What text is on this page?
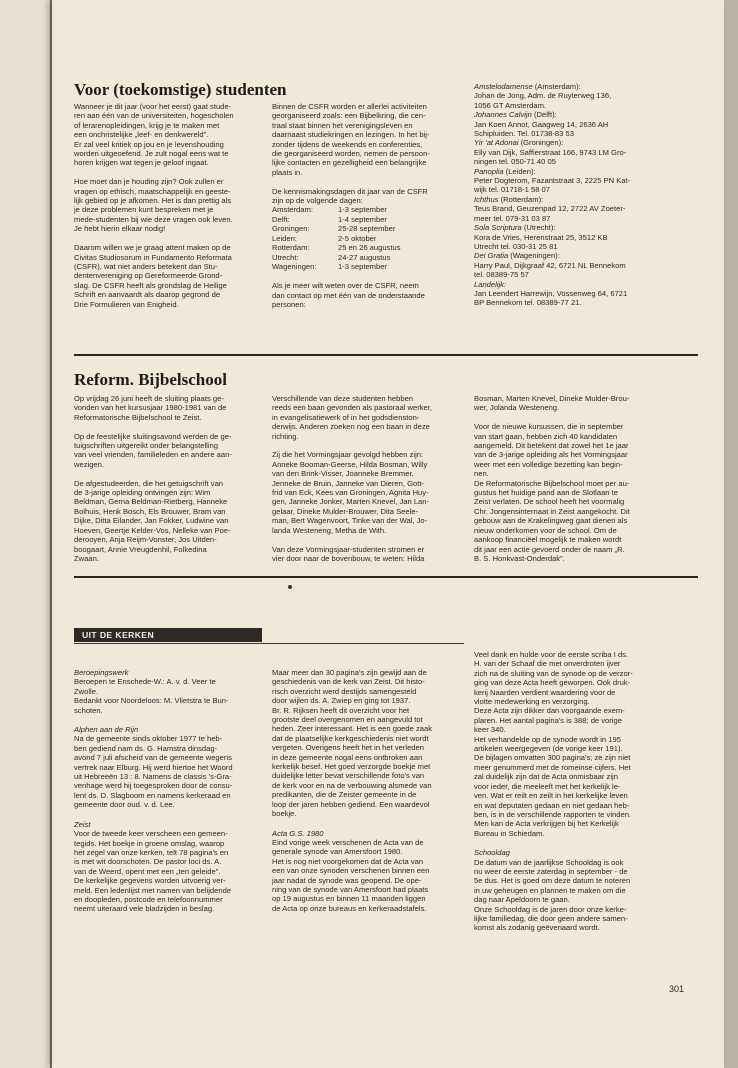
Voor (toekomstige) studenten

Wanneer je dit jaar (voor het eerst) gaat stude-
ren aan één van de universiteiten, hogescholen
of lerarenopleidingen, krijg je te maken met
een onchristelijke „leef- en denkwereld”.
Er zal veel kritiek op jou en je levenshouding
worden uitgeoefend. Je zult nogal eens wat te
horen krijgen wat tegen je geloof ingaat.

Hoe moet dan je houding zijn? Ook zullen er
vragen op ethisch, maatschappelijk en geeste-
lijk gebied op je afkomen. Het is dan prettig als
je deze problemen kunt bespreken met je
mede-studenten bij wie deze vragen ook leven.
Je hebt hierin elkaar nodig!

Daarom willen we je graag attent maken op de
Civitas Studiosorum in Fundamento Reformata
(CSFR), wat niet anders betekent dan Stu-
dentenvereniging op Gereformeerde Grond-
slag. De CSFR heeft als grondslag de Heilige
Schrift en aanvaardt als daarop gegrond de
Drie Formulieren van Enigheid.

Binnen de CSFR worden er allerlei activiteiten
georganiseerd zoals: een Bijbelkring, die cen-
traal staat binnen het verenigingsleven en
daarnaast studiekringen en lezingen. In het bij-
zonder tijdens de weekends en conferenties,
die georganiseerd worden, nemen de persoon-
lijke contacten en gezelligheid een belangrijke
plaats in.

De kennismakingsdagen dit jaar van de CSFR
zijn op de volgende dagen:

Amsterdam:	1-3 september
Delft:	1-4 september
Groningen:	25-28 september
Leiden:	2-5 oktober
Rotterdam:	25 en 26 augustus
Utrecht:	24-27 augustus
Wageningen:	1-3 september

Als je meer wilt weten over de CSFR, neem
dan contact op met één van de onderstaande
personen:

Amstelodamense (Amsterdam):

Johan de Jong, Adm. de Ruyterweg 136,
1056 GT Amsterdam.

Johannes Calvijn (Delft):

Jan Koen Annot, Gaagweg 14, 2636 AH
Schipluiden. Tel. 01738-83 53

Yir 'at Adonai (Groningen):

Elly van Dijk, Saffierstraat 166, 9743 LM Gro-
ningen tel. 050-71 40 05

Panoplia (Leiden):

Peter Dogterom, Fazantstraat 3, 2225 PN Kat-
wijk tel. 01718-1 58 07

Ichthus (Rotterdam):

Teus Brand, Geuzenpad 12, 2722 AV Zoeter-
meer tel. 079-31 03 87

Sola Scriptura (Utrecht):

Kora de Vries, Herenstraat 25, 3512 KB
Utrecht tel. 030-31 25 81

Dei Gratia (Wageningen):

Harry Paul, Dijkgraaf 42, 6721 NL Bennekom
tel. 08389-75 57

Landelijk:

Jan Leendert Harrewijn, Vossenweg 64, 6721
BP Bennekom tel. 08389-77 21.

Reform. Bijbelschool

Op vrijdag 26 juni heeft de sluiting plaats ge-
vonden van het kursusjaar 1980-1981 van de
Reformatorische Bijbelschool te Zeist.

Op de feestelijke sluitingsavond werden de ge-
tuigschriften uitgereikt onder belangstelling
van veel vrienden, familieleden en andere aan-
wezigen.

De afgestudeerden, die het getuigschrift van
de 3-jarige opleiding ontvingen zijn: Wim
Beldman, Gerna Beldman-Rietberg, Hanneke
Bolhuis, Henk Bosch, Els Brouwer, Bram van
Dijke, Ditta Eilander, Jan Fokker, Ludwine van
Hoeven, Geertje Kelder-Vos, Nelleke van Poe-
derooyen, Anja Reijm-Vonster, Jos Uitden-
boogaart, Annie Vreugdenhil, Folkedina
Zwaan.

Verschillende van deze studenten hebben
reeds een baan gevonden als pastoraal werker,
in evangelisatiewerk of in het godsdienston-
derwijs. Anderen zoeken nog een baan in deze
richting.

Zij die het Vormingsjaar gevolgd hebben zijn:
Anneke Booman-Geerse, Hilda Bosman, Willy
van den Brink-Visser, Joanneke Bremmer,
Jenneke de Bruin, Janneke van Dieren, Gott-
frid van Eck, Kees van Groningen, Agnita Huy-
gen, Janneke Jonker, Marten Knevel, Jan Lan-
gelaar, Dineke Mulder-Brouwer, Dita Seele-
man, Bert Wagenvoort, Tinke van der Wal, Jo-
landa Westeneng, Metha de With.

Van deze Vormingsjaar-studenten stromen er
vier door naar de bovenbouw, te weten: Hilda

Bosman, Marten Knevel, Dineke Mulder-Brou-
wer, Jolanda Westeneng.

Voor de nieuwe kursussen, die in september
van start gaan, hebben zich 40 kandidaten
aangemeld. Dit betekent dat zowel het 1e jaar
van de 3-jarige opleiding als het Vormingsjaar
weer met een volledige bezetting kan begin-
nen.
De Reformatorische Bijbelschool moet per au-
gustus het huidige pand aan de Slotlaan te
Zeist verlaten. De school heeft het voormalig
Chr. Jongensinternaat in Zeist aangekocht. Dit
gebouw aan de Krakelingweg gaat dienen als
nieuw onderkomen voor de school. Om de
aankoop financiëel mogelijk te maken wordt
dit jaar een actie gevoerd onder de naam „R.
B. S. Honkvast-Onderdak”.

UIT DE KERKEN

Beroepingswerk

Beroepen te Enschede-W.: A. v. d. Veer te
Zwolle.
Bedankt voor Noordeloos: M. Vlietstra te Bun-
schoten.

Alphen aan de Rijn

Na de gemeente sinds oktober 1977 te heb-
ben gediend nam ds. G. Hamstra dinsdag-
avond 7 juli afscheid van de gemeente wegens
vertrek naar Elburg. Hij werd hiertoe het Woord
uit Hebreeën 13 : 8. Namens de classis 's-Gra-
venhage werd hij toegesproken door de consu-
lent ds. D. Slagboom en namens kerkeraad en
gemeente door oud. v. d. Lee.

Zeist

Voor de tweede keer verscheen een gemeen-
tegids. Het boekje in groene omslag, waarop
het zegel van onze kerken, telt 78 pagina's en
is met wit doorschoten. De pastor loci ds. A.
van de Weerd, opent met een „ten geleide”.
De kerkelijke gegevens worden uitvoerig ver-
meld. Een ledenlijst met namen van belijdende
en doopleden, postcode en telefoonnummer
neemt uiteraard vele bladzijden in beslag.

Maar meer dan 30 pagina's zijn gewijd aan de
geschiedenis van de kerk van Zeist. Dit histo-
risch overzicht werd destijds samengesteld
door wijlen ds. A. Zwiep en ging tot 1937.
Br. R. Rijksen heeft dit overzicht voor het
grootste deel overgenomen en aangevuld tot
heden. Zeer interessant. Het is een goede zaak
dat de plaatselijke kerkgeschiedenis niet wordt
vergeten. Overigens heeft het in het verleden
in deze gemeente nogal eens ontbroken aan
kerkelijk besef. Het goed verzorgde boekje met
duidelijke letter bevat verschillende foto's van
de kerk voor en na de verbouwing alsmede van
predikanten, die de Zeister gemeente in de
loop der jaren hebben gediend. Een waardevol
boekje.

Acta G.S. 1980

Eind vorige week verschenen de Acta van de
generale synode van Amersfoort 1980.
Het is nog niet voorgekomen dat de Acta van
een van onze synoden verschenen binnen een
jaar nadat de synode was geopend. De ope-
ning van de synode van Amersfoort had plaats
op 19 augustus en binnen 11 maanden liggen
de Acta op onze bureaus en kerkeraadstafels.

Veel dank en hulde voor de eerste scriba I ds.
H. van der Schaaf die met onverdroten ijver
zich na de sluiting van de synode op de verzor-
ging van deze Acta heeft geworpen. Ook druk-
kerij Naarden verdient waardering voor de
vlotte medewerking en verzorging.
Deze Acta zijn dikker dan voorgaande exem-
plaren. Het aantal pagina's is 388; de vorige
keer 340.
Het verhandelde op de synode wordt in 195
artikelen weergegeven (de vorige keer 191).
De bijlagen omvatten 300 pagina's; ze zijn niet
meer genummerd met de romeinse cijfers. Het
zal duidelijk zijn dat de Acta onmisbaar zijn
voor ieder, die meeleeft met het kerkelijk le-
ven. Wat er reilt en zeilt in het kerkelijke leven
en wat deputaten gedaan en niet gedaan heb-
ben, is in de verschillende rapporten te vinden.
Men kan de Acta verkrijgen bij het Kerkelijk
Bureau in Schiedam.

Schooldag

De datum van de jaarlijkse Schooldag is ook
nu weer de eerste zaterdag in september - de
5e dus. Het is goed om deze datum te noteren
in uw geheugen en plannen te maken om die
dag naar Apeldoorn te gaan.
Onze Schooldag is de jaren door onze kerke-
lijke familiedag, die door geen andere samen-
komst als zodanig geëvenaard wordt.

301
